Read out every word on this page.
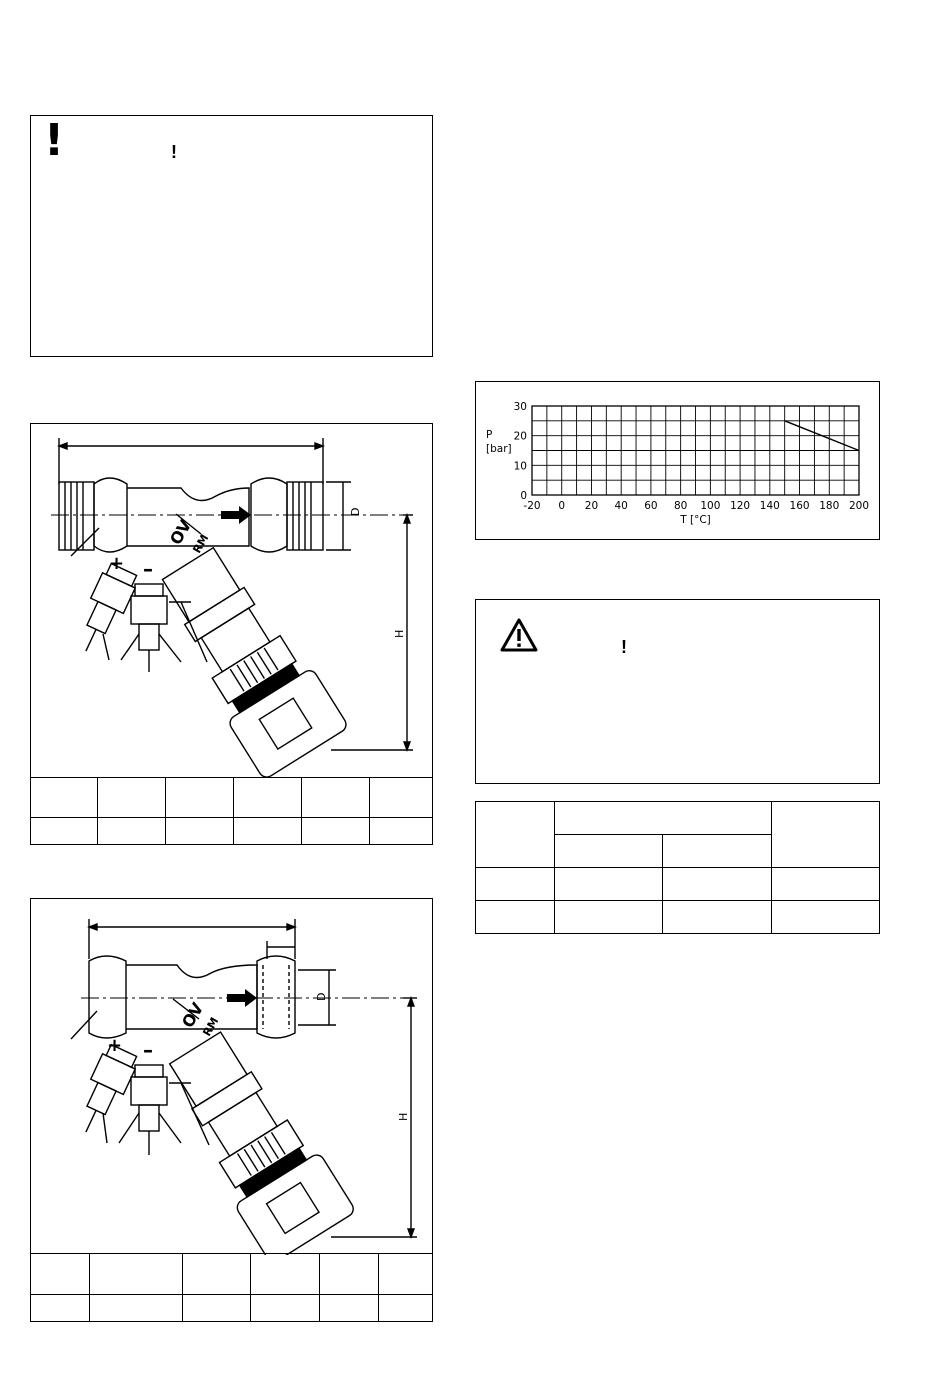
!	!
OV
RM
+ –
D
H

OV
RM
+ –
D
H

-20 0 20 40 60 80 100 120 140 160 180 200
0
10
20
30
P
[bar]
T [°C]
!
